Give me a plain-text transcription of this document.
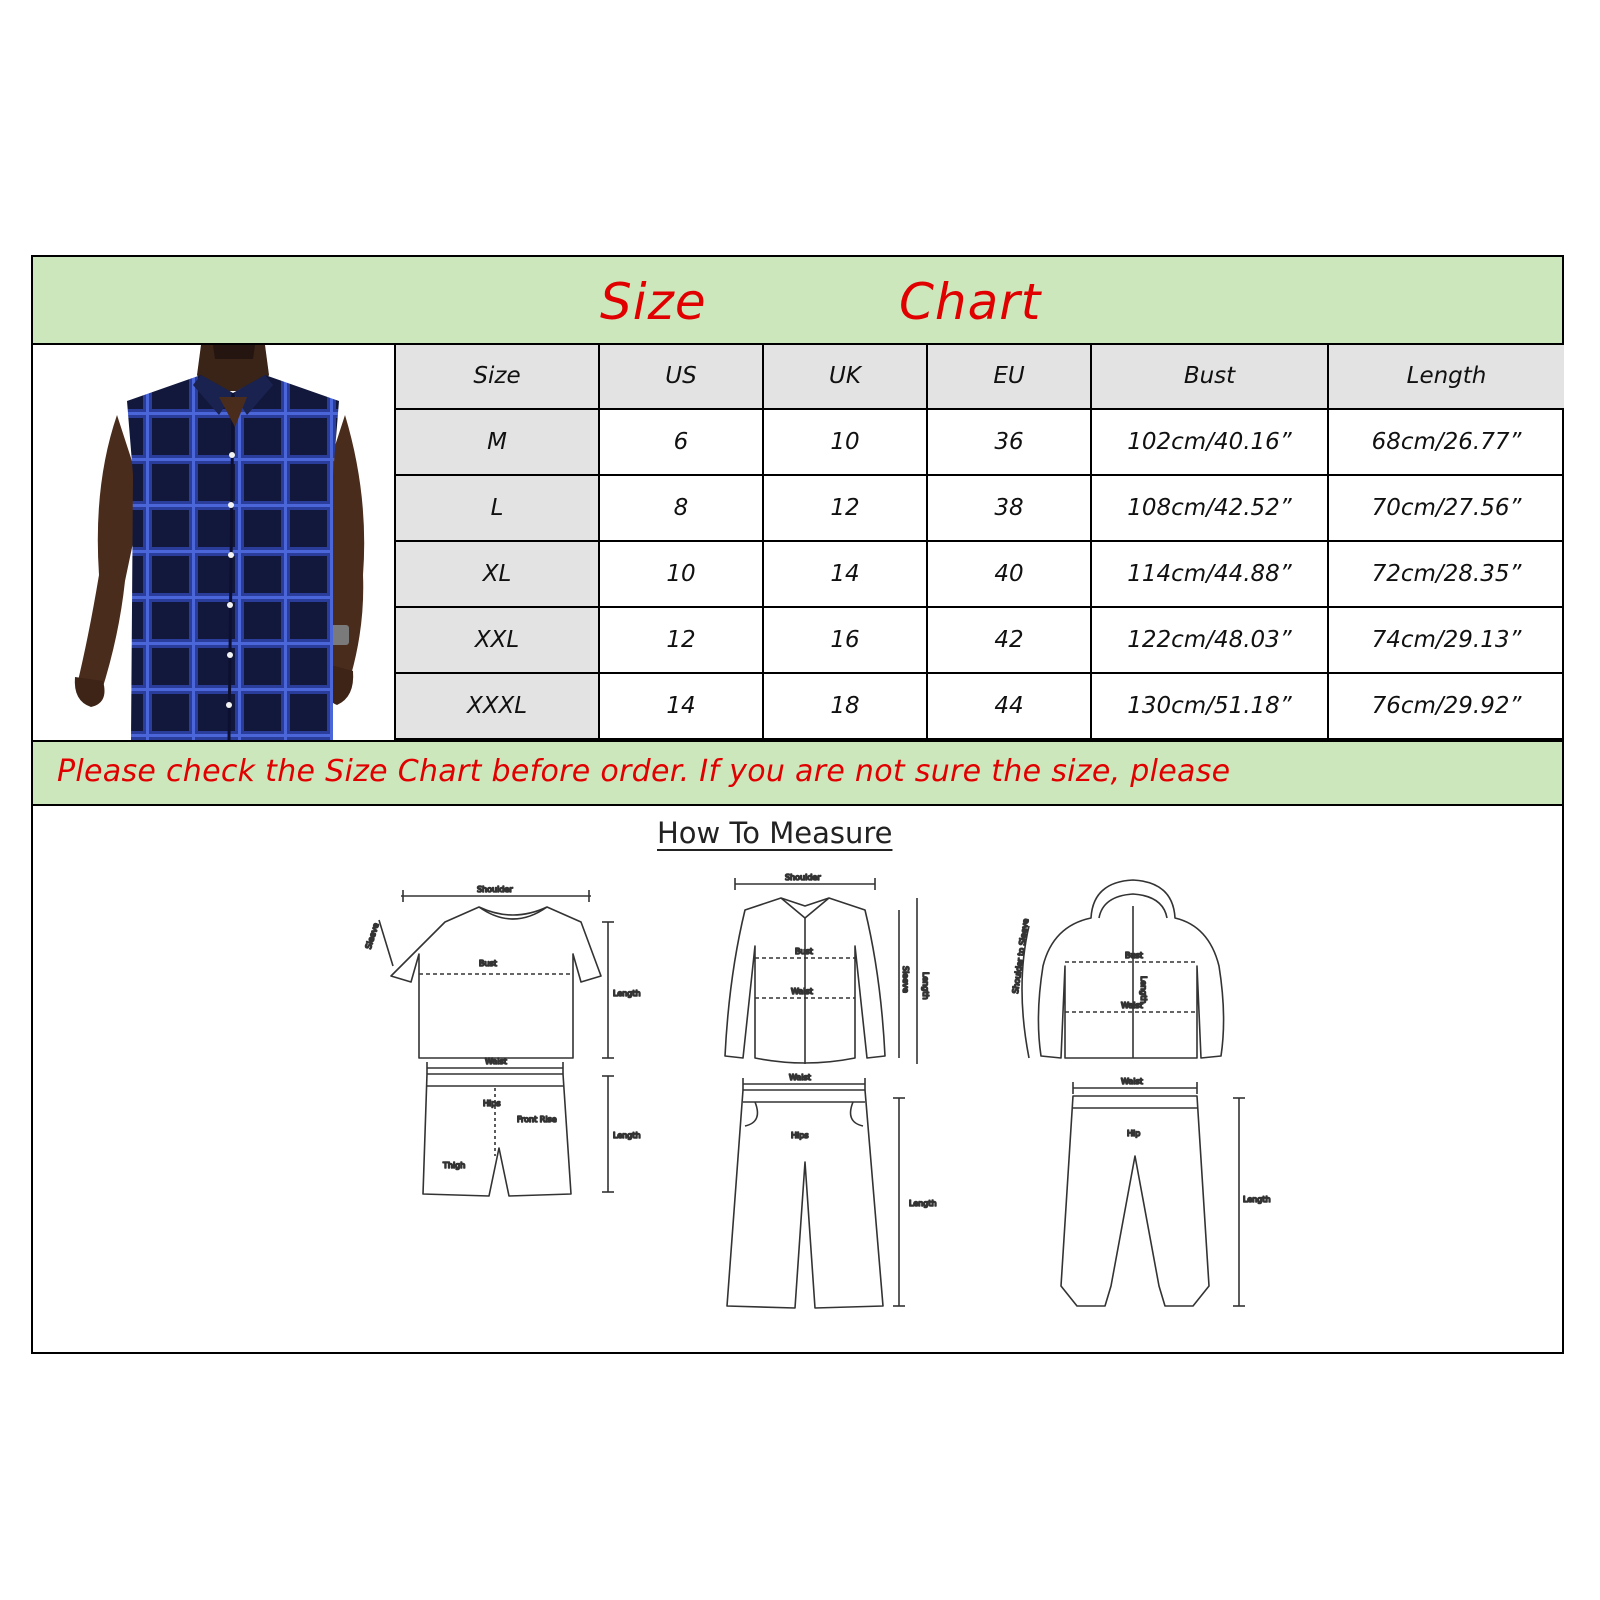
Size	Chart
Size	US	UK	EU	Bust	Length
M	6	10	36	102cm/40.16”	68cm/26.77”
L	8	12	38	108cm/42.52”	70cm/27.56”
XL	10	14	40	114cm/44.88”	72cm/28.35”
XXL	12	16	42	122cm/48.03”	74cm/29.13”
XXXL	14	18	44	130cm/51.18”	76cm/29.92”
Please check the Size Chart before order. If you are not sure the size, please
How To Measure
Shoulder
Bust
Length
Sleeve
Waist
Hips
Front Rise
Thigh
Length
Shoulder
Bust
Waist	Sleeve Length
Waist
Hips
Length
Bust
Length
Waist
Shoulder to Sleeve
Waist
Hip
Length
